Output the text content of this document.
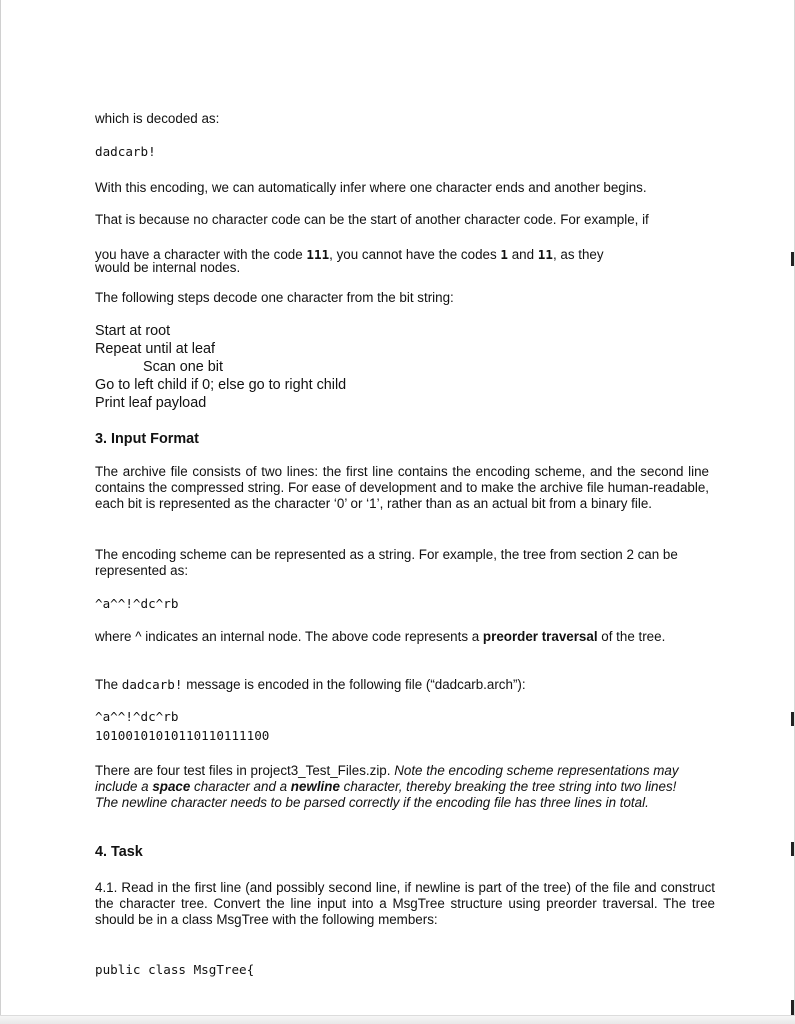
which is decoded as:

dadcarb!

With this encoding, we can automatically infer where one character ends and another begins.

That is because no character code can be the start of another character code. For example, if

you have a character with the code 111, you cannot have the codes 1 and 11, as they
would be internal nodes.

The following steps decode one character from the bit string:

Start at root

Repeat until at leaf

Scan one bit

Go to left child if 0; else go to right child

Print leaf payload

3. Input Format

The archive file consists of two lines: the first line contains the encoding scheme, and the second line contains the compressed string. For ease of development and to make the archive file human-readable, each bit is represented as the character ‘0’ or ‘1’, rather than as an actual bit from a binary file.

The encoding scheme can be represented as a string. For example, the tree from section 2 can be represented as:

^a^^!^dc^rb

where ^ indicates an internal node. The above code represents a preorder traversal of the tree.

The dadcarb! message is encoded in the following file (“dadcarb.arch”):

^a^^!^dc^rb

10100101010110110111100

There are four test files in project3_Test_Files.zip. Note the encoding scheme representations may include a space character and a newline character, thereby breaking the tree string into two lines! The newline character needs to be parsed correctly if the encoding file has three lines in total.

4. Task

4.1. Read in the first line (and possibly second line, if newline is part of the tree) of the file and construct the character tree. Convert the line input into a MsgTree structure using preorder traversal. The tree should be in a class MsgTree with the following members:

public class MsgTree{
